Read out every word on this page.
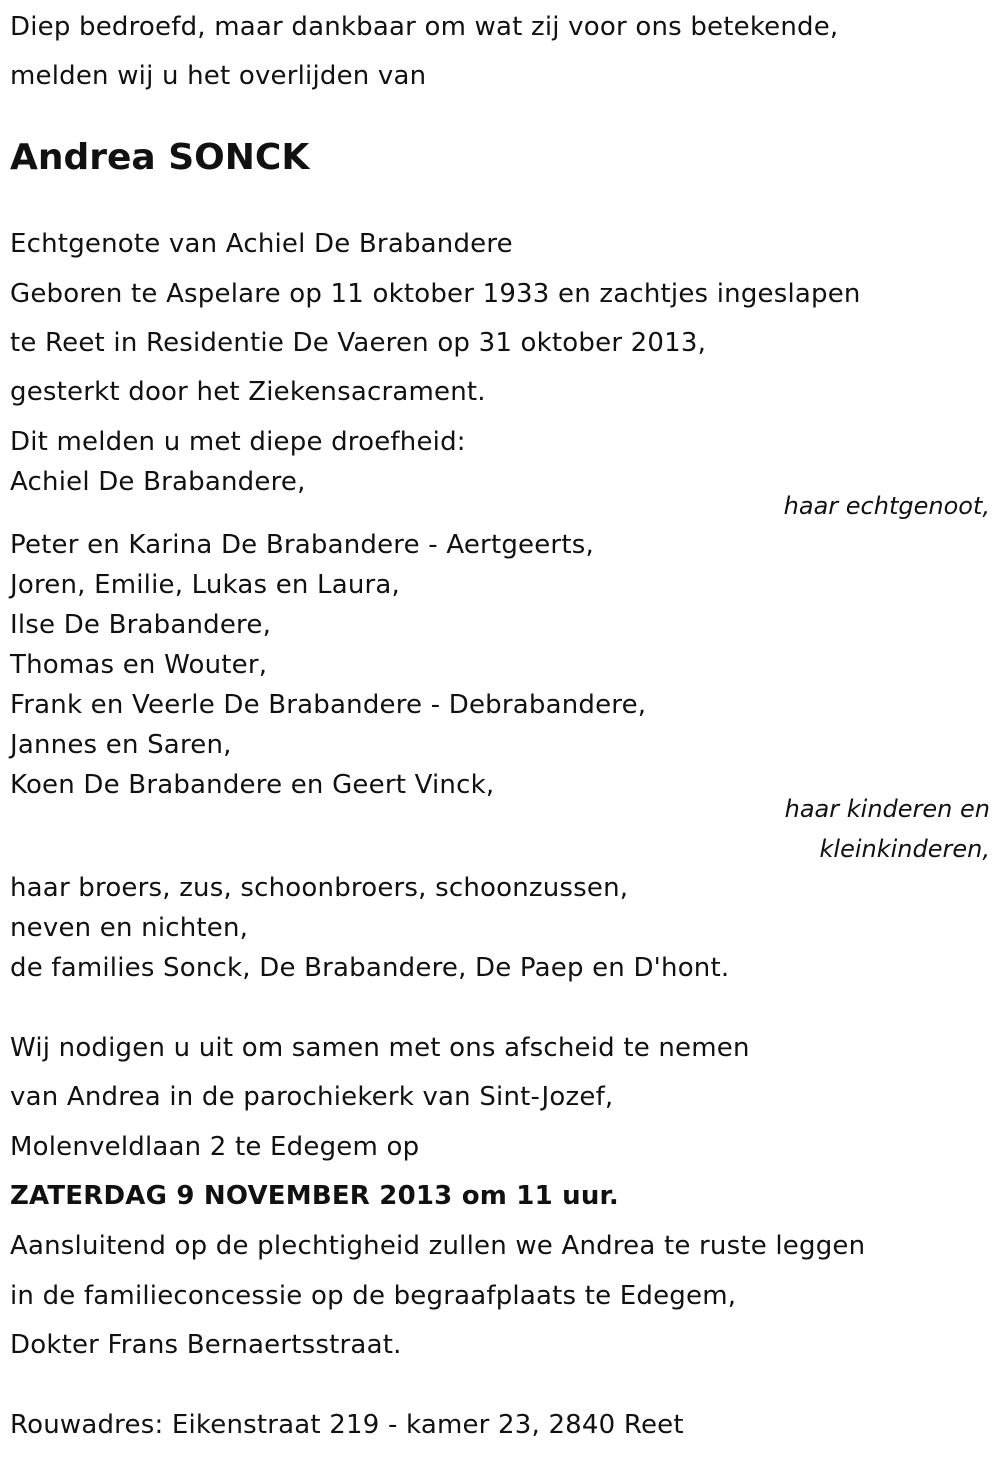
Diep bedroefd, maar dankbaar om wat zij voor ons betekende,
melden wij u het overlijden van
Andrea SONCK
Echtgenote van Achiel De Brabandere
Geboren te Aspelare op 11 oktober 1933 en zachtjes ingeslapen
te Reet in Residentie De Vaeren op 31 oktober 2013,
gesterkt door het Ziekensacrament.
Dit melden u met diepe droefheid:
Achiel De Brabandere,
haar echtgenoot,
Peter en Karina De Brabandere - Aertgeerts,
Joren, Emilie, Lukas en Laura,
Ilse De Brabandere,
Thomas en Wouter,
Frank en Veerle De Brabandere - Debrabandere,
Jannes en Saren,
Koen De Brabandere en Geert Vinck,
haar kinderen en
kleinkinderen,
haar broers, zus, schoonbroers, schoonzussen,
neven en nichten,
de families Sonck, De Brabandere, De Paep en D'hont.
Wij nodigen u uit om samen met ons afscheid te nemen
van Andrea in de parochiekerk van Sint-Jozef,
Molenveldlaan 2 te Edegem op
ZATERDAG 9 NOVEMBER 2013 om 11 uur.
Aansluitend op de plechtigheid zullen we Andrea te ruste leggen
in de familieconcessie op de begraafplaats te Edegem,
Dokter Frans Bernaertsstraat.
Rouwadres: Eikenstraat 219 - kamer 23, 2840 Reet
